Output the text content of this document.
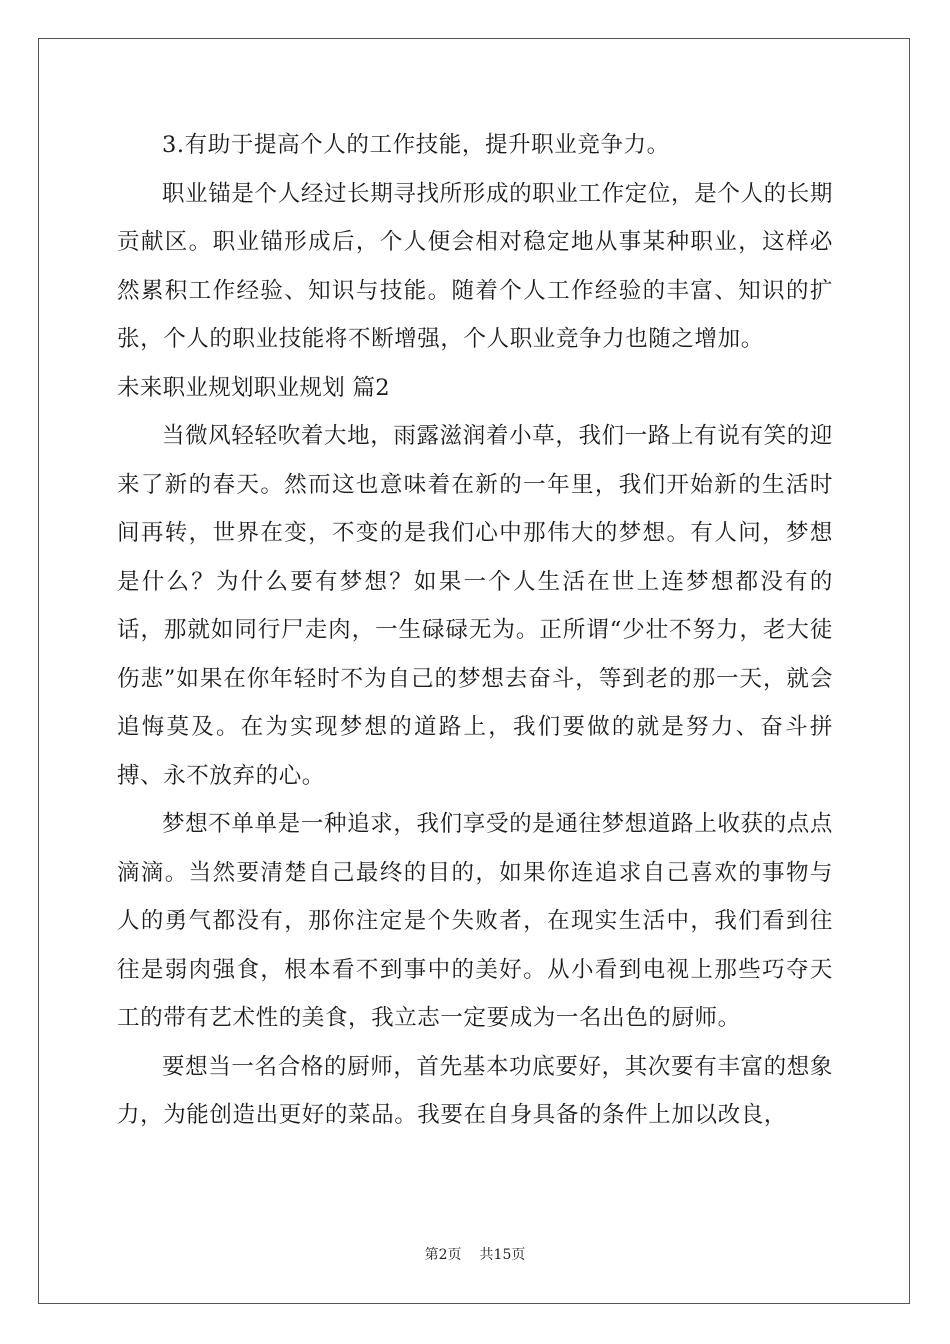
3.有助于提高个人的工作技能，提升职业竞争力。

职业锚是个人经过长期寻找所形成的职业工作定位，是个人的长期贡献区。职业锚形成后，个人便会相对稳定地从事某种职业，这样必然累积工作经验、知识与技能。随着个人工作经验的丰富、知识的扩张，个人的职业技能将不断增强，个人职业竞争力也随之增加。

未来职业规划职业规划 篇2

当微风轻轻吹着大地，雨露滋润着小草，我们一路上有说有笑的迎来了新的春天。然而这也意味着在新的一年里，我们开始新的生活时间再转，世界在变，不变的是我们心中那伟大的梦想。有人问，梦想是什么？为什么要有梦想？如果一个人生活在世上连梦想都没有的话，那就如同行尸走肉，一生碌碌无为。正所谓“少壮不努力，老大徒伤悲”如果在你年轻时不为自己的梦想去奋斗，等到老的那一天，就会追悔莫及。在为实现梦想的道路上，我们要做的就是努力、奋斗拼搏、永不放弃的心。

梦想不单单是一种追求，我们享受的是通往梦想道路上收获的点点滴滴。当然要清楚自己最终的目的，如果你连追求自己喜欢的事物与人的勇气都没有，那你注定是个失败者，在现实生活中，我们看到往往是弱肉强食，根本看不到事中的美好。从小看到电视上那些巧夺天工的带有艺术性的美食，我立志一定要成为一名出色的厨师。

要想当一名合格的厨师，首先基本功底要好，其次要有丰富的想象力，为能创造出更好的菜品。我要在自身具备的条件上加以改良，

第2页 共15页
